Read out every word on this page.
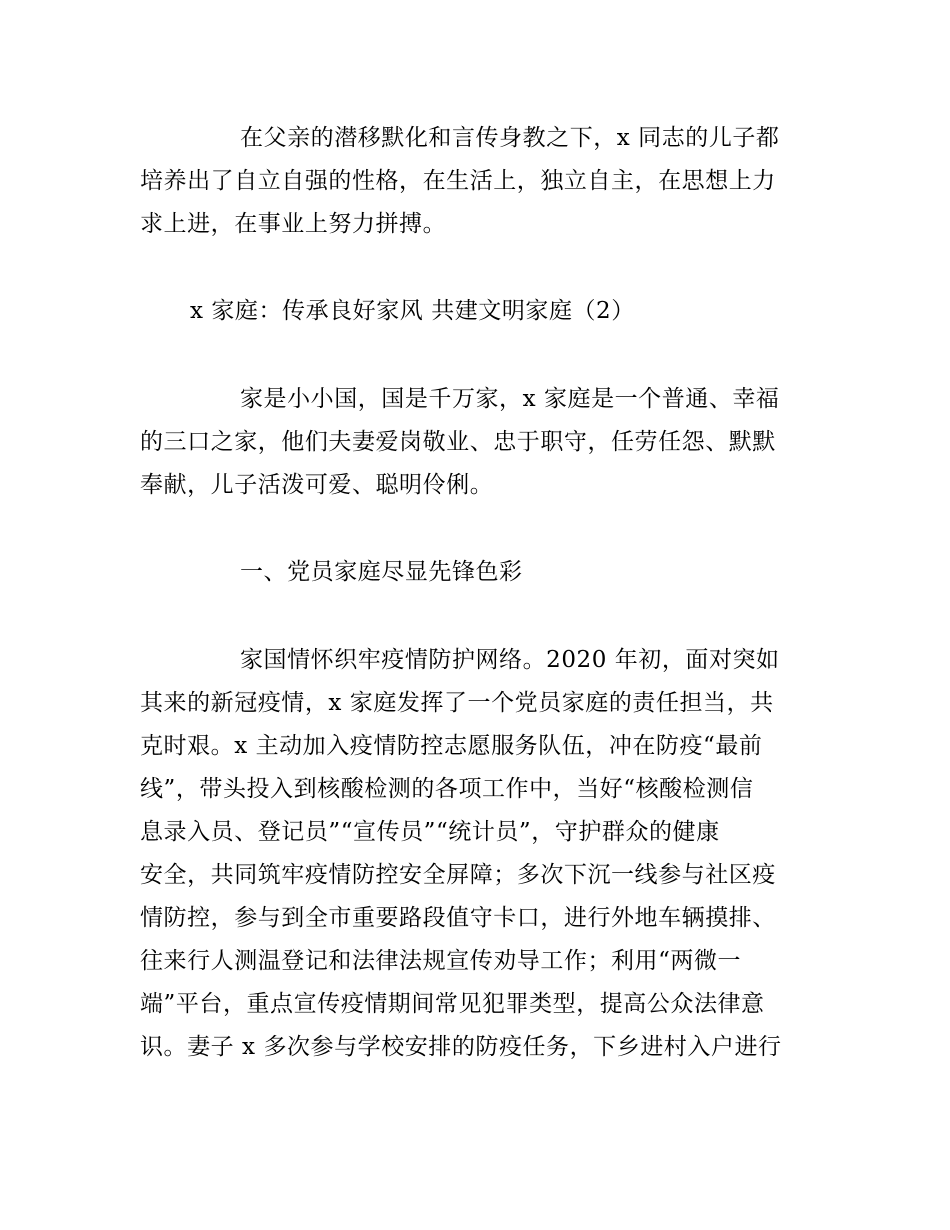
在父亲的潜移默化和言传身教之下，x 同志的儿子都

培养出了自立自强的性格，在生活上，独立自主，在思想上力

求上进，在事业上努力拼搏。

x 家庭：传承良好家风 共建文明家庭（2）

家是小小国，国是千万家，x 家庭是一个普通、幸福

的三口之家，他们夫妻爱岗敬业、忠于职守，任劳任怨、默默

奉献，儿子活泼可爱、聪明伶俐。

一、党员家庭尽显先锋色彩

家国情怀织牢疫情防护网络。2020 年初，面对突如

其来的新冠疫情，x 家庭发挥了一个党员家庭的责任担当，共

克时艰。x 主动加入疫情防控志愿服务队伍，冲在防疫“最前

线”，带头投入到核酸检测的各项工作中，当好“核酸检测信

息录入员、登记员”“宣传员”“统计员”，守护群众的健康

安全，共同筑牢疫情防控安全屏障；多次下沉一线参与社区疫

情防控，参与到全市重要路段值守卡口，进行外地车辆摸排、

往来行人测温登记和法律法规宣传劝导工作；利用“两微一

端”平台，重点宣传疫情期间常见犯罪类型，提高公众法律意

识。妻子 x 多次参与学校安排的防疫任务，下乡进村入户进行
